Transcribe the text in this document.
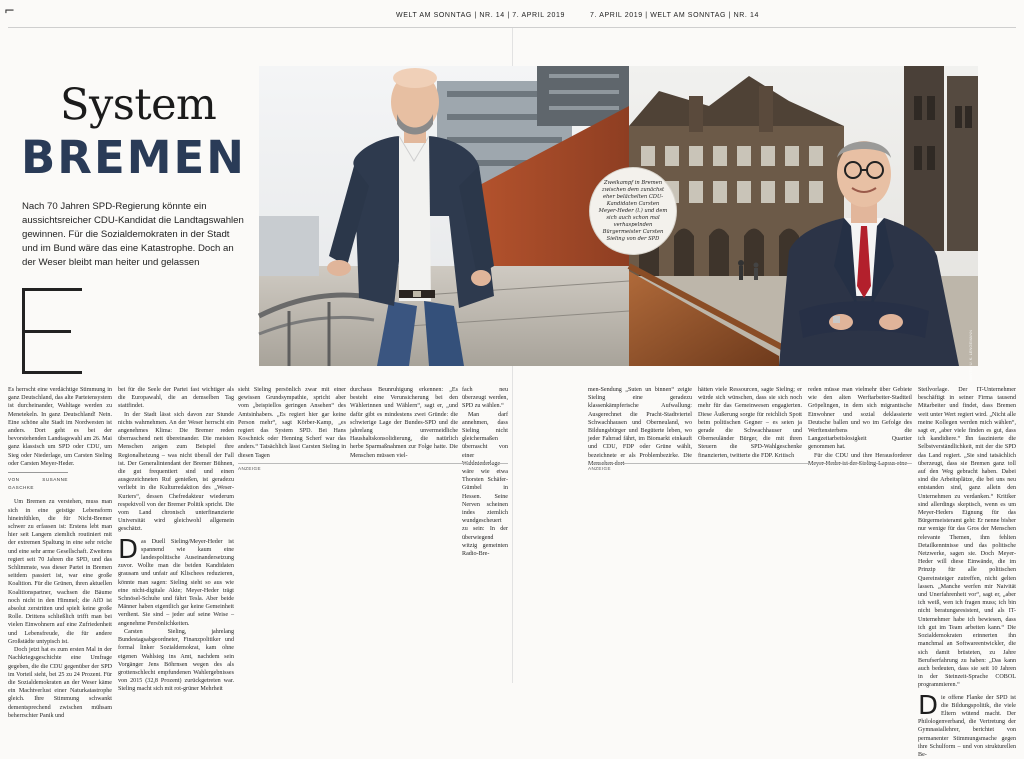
⌐	WELT AM SONNTAG | NR. 14 | 7. APRIL 2019	7. APRIL 2019 | WELT AM SONNTAG | NR. 14
System
BREMEN
Nach 70 Jahren SPD-Regierung könnte ein aussichtsreicher CDU-Kandidat die Landtagswahlen gewinnen. Für die Sozialdemokraten in der Stadt und im Bund wäre das eine Katastrophe. Doch an der Weser bleibt man heiter und gelassen
Zweikampf in Bremen zwischen dem zunächst eher belächelten CDU-Kandidaten Carsten Meyer-Heder (l.) und dem sich auch schon mal verhaspelnden Bürgermeister Carsten Sieling von der SPD
MARTIN U. K. LENGEMANN

Es herrscht eine verdächtige Stimmung in ganz Deutschland, das alte Parteiensystem ist durcheinander, Wahltage werden zu Menetekeln. In ganz Deutschland! Nein. Eine schöne alte Stadt im Nordwesten ist anders. Dort geht es bei der bevorstehenden Landtagswahl am 26. Mai ganz klassisch um SPD oder CDU, um Sieg oder Niederlage, um Carsten Sieling oder Carsten Meyer-Heder.

VON SUSANNE GASCHKE

Um Bremen zu verstehen, muss man sich in eine geistige Lebensform hineinfühlen, die für Nicht-Bremer schwer zu erfassen ist: Erstens lebt man hier seit Langem ziemlich routiniert mit der extremen Spaltung in eine sehr reiche und eine sehr arme Gesellschaft. Zweitens regiert seit 70 Jahren die SPD, und das Schlimmste, was dieser Partei in Bremen seitdem passiert ist, war eine große Koalition. Für die Grünen, ihren aktuellen Koalitionspartner, wachsen die Bäume noch nicht in den Himmel; die AfD ist absolut zerstritten und spielt keine große Rolle. Drittens schließlich trifft man bei vielen Einwohnern auf eine Zufriedenheit und Lebensfreude, die für andere Großstädte untypisch ist.

Doch jetzt hat es zum ersten Mal in der Nachkriegsgeschichte eine Umfrage gegeben, die die CDU gegenüber der SPD im Vorteil sieht, bei 25 zu 24 Prozent. Für die Sozialdemokraten an der Weser käme ein Machtverlust einer Naturkatastrophe gleich. Ihre Stimmung schwankt dementsprechend zwischen mühsam beherrschter Panik und

bei für die Seele der Partei fast wichtiger als die Europawahl, die an demselben Tag stattfindet.

In der Stadt lässt sich davon zur Stunde nichts wahrnehmen. An der Weser herrscht ein angenehmes Klima: Die Bremer reden überraschend nett übereinander. Die meisten Menschen zeigen zum Beispiel ihre Regionalheizung – was nicht überall der Fall ist. Der Generalintendant der Bremer Bühnen, die gut frequentiert sind und einen ausgezeichneten Ruf genießen, ist geradezu verliebt in die Kulturredaktion des „Weser-Kuriers“, dessen Chefredakteur wiederum respektvoll von der Bremer Politik spricht. Die vom Land chronisch unterfinanzierte Universität wird gleichwohl allgemein geschätzt.

Das Duell Sieling/Meyer-Heder ist spannend wie kaum eine landespolitische Auseinandersetzung zuvor. Wollte man die beiden Kandidaten grausam und unfair auf Klischees reduzieren, könnte man sagen: Sieling sieht so aus wie eine nicht-digitale Akte; Meyer-Heder trägt Schnösel-Schuhe und fährt Tesla. Aber beide Männer haben eigentlich gar keine Gemeinheit verdient. Sie sind – jeder auf seine Weise – angenehme Persönlichkeiten.

Carsten Sieling, jahrelang Bundestagsabgeordneter, Finanzpolitiker und formal linker Sozialdemokrat, kam ohne eigenen Wahlsieg ins Amt, nachdem sein Vorgänger Jens Böhrnsen wegen des als grottenschlecht empfundenen Wahlergebnisses von 2015 (32,8 Prozent) zurückgetreten war. Sieling macht sich mit rot-grüner Mehrheit

sieht Sieling persönlich zwar mit einer gewissen Grundsympathie, spricht aber vom „beispiellos geringen Ansehen“ des Amtsinhabers. „Es regiert hier gar keine Person mehr“, sagt Körber-Kamp, „es regiert das System SPD. Bei Hans Koschnick oder Henning Scherf war das anders.“ Tatsächlich lässt Carsten Sieling in diesen Tagen

durchaus Beunruhigung erkennen: „Es besteht eine Verunsicherung bei den Wählerinnen und Wählern“, sagt er, „und dafür gibt es mindestens zwei Gründe: die schwierige Lage der Bundes-SPD und die jahrelang unvermeidliche Haushaltskonsolidierung, die natürlich herbe Sparmaßnahmen zur Folge hatte. Die Menschen müssen viel-

fach neu überzeugt werden, SPD zu wählen.“

Man darf annehmen, dass Sieling nicht gleichermaßen überrascht von einer wäre wie etwa Thorsten Schäfer-Gümbel in Hessen. Seine Nerven scheinen indes ziemlich wundgescheuert zu sein: In der überwiegend witzig gemeinten Radio-Bre-

men-Sendung „Suten un binnen“ zeigte Sieling eine geradezu klassenkämpferische Aufwallung: Ausgerechnet die Pracht-Stadtviertel Schwachhausen und Oberneuland, wo Bildungsbürger und Begüterte leben, wo jeder Fahrrad fährt, im Biomarkt einkauft und CDU, FDP oder Grüne wählt, bezeichnete er als Problembezirke. Die

hätten viele Ressourcen, sagte Sieling; er würde sich wünschen, dass sie sich noch mehr für das Gemeinwesen engagierten. Diese Äußerung sorgte für reichlich Spott beim politischen Gegner – es seien ja gerade die Schwachhauser und Oberneuländer Bürger, die mit ihren Steuern die SPD-Wahlgeschenke finanzierten, twitterte die FDP. Kritisch

reden müsse man vielmehr über Gebiete wie den alten Werftarbeiter-Stadtteil Gröpelingen, in dem sich migrantische Einwohner und sozial deklassierte Deutsche ballen und wo im Gefolge des Werftensterbens die Langzeitarbeitslosigkeit Quartier genommen hat.

Für die CDU und ihre Herausforderer

ANZEIGE	ANZEIGE

Steilvorlage. Der IT-Unternehmer beschäftigt in seiner Firma tausend Mitarbeiter und findet, dass Bremen weit unter Wert regiert wird. „Nicht alle meine Kollegen werden mich wählen“, sagt er, „aber viele finden es gut, dass ich kandidiere.“ Ihn faszinierte die Selbstverständlichkeit, mit der die SPD das Land regiert. „Sie sind tatsächlich überzeugt, dass sie Bremen ganz toll auf den Weg gebracht haben. Dabei sind die Arbeitsplätze, die bei uns neu entstanden sind, ganz allein den Unternehmen zu verdanken.“ Kritiker sind allerdings skeptisch, wenn es um Meyer-Heders Eignung für das Bürgermeisteramt geht: Er nenne bisher nur wenige für das Gros der Menschen relevante Themen, ihm fehlten Detailkenntnisse und das politische Netzwerke, sagen sie. Doch Meyer-Heder will diese Einwände, die im Prinzip für alle politischen Quereinsteiger zutreffen, nicht gelten lassen. „Manche werfen mir Naivität und Unerfahrenheit vor“, sagt er, „aber ich weiß, wen ich fragen muss; ich bin nicht beratungsresistent, und als IT-Unternehmer habe ich bewiesen, dass ich gut im Team arbeiten kann.“ Die Sozialdemokraten erinnerten ihn manchmal an Softwareentwickler, die sich damit brüsteten, zu Jahre Berufserfahrung zu haben: „Das kann auch bedeuten, dass sie seit 10 Jahren in der Steinzeit-Sprache COBOL programmieren.“

Die offene Flanke der SPD ist die Bildungspolitik, die viele Eltern wütend macht. Der Philologenverband, die Vertretung der Gymnasiallehrer, berichtet von permanenter Stimmungsmache gegen ihre Schulform – und von strukturellen Be-
